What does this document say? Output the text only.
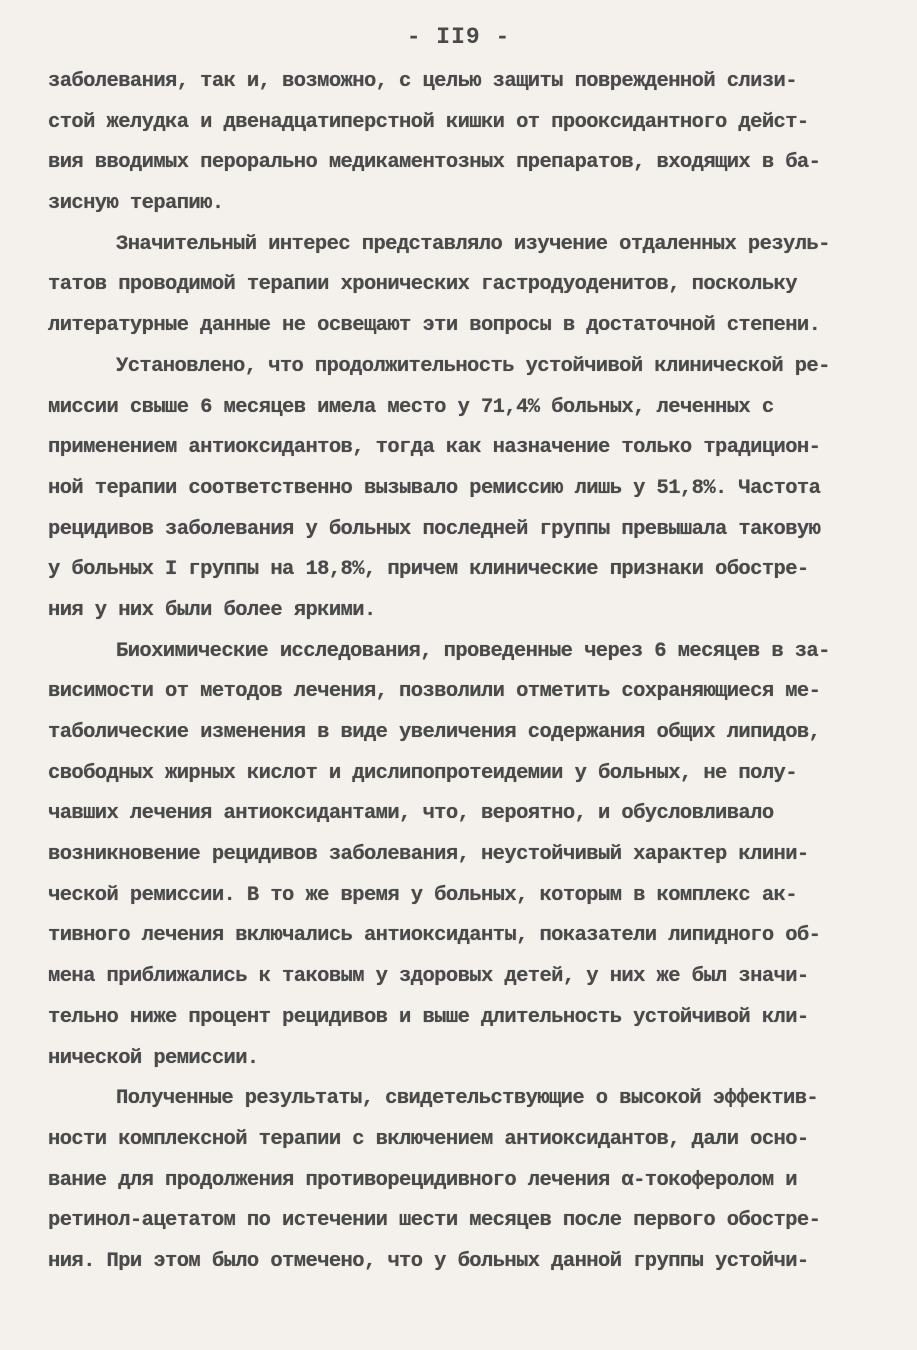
- II9 -
заболевания, так и, возможно, с целью защиты поврежденной слизи-
стой желудка и двенадцатиперстной кишки от прооксидантного дейст-
вия вводимых перорально медикаментозных препаратов, входящих в ба-
зисную терапию.
Значительный интерес представляло изучение отдаленных резуль-
татов проводимой терапии хронических гастродуоденитов, поскольку
литературные данные не освещают эти вопросы в достаточной степени.
Установлено, что продолжительность устойчивой клинической ре-
миссии свыше 6 месяцев имела место у 71,4% больных, леченных с
применением антиоксидантов, тогда как назначение только традицион-
ной терапии соответственно вызывало ремиссию лишь у 51,8%. Частота
рецидивов заболевания у больных последней группы превышала таковую
у больных I группы на 18,8%, причем клинические признаки обостре-
ния у них были более яркими.
Биохимические исследования, проведенные через 6 месяцев в за-
висимости от методов лечения, позволили отметить сохраняющиеся ме-
таболические изменения в виде увеличения содержания общих липидов,
свободных жирных кислот и дислипопротеидемии у больных, не полу-
чавших лечения антиоксидантами, что, вероятно, и обусловливало
возникновение рецидивов заболевания, неустойчивый характер клини-
ческой ремиссии. В то же время у больных, которым в комплекс ак-
тивного лечения включались антиоксиданты, показатели липидного об-
мена приближались к таковым у здоровых детей, у них же был значи-
тельно ниже процент рецидивов и выше длительность устойчивой кли-
нической ремиссии.
Полученные результаты, свидетельствующие о высокой эффектив-
ности комплексной терапии с включением антиоксидантов, дали осно-
вание для продолжения противорецидивного лечения α-токоферолом и
ретинол-ацетатом по истечении шести месяцев после первого обостре-
ния. При этом было отмечено, что у больных данной группы устойчи-
